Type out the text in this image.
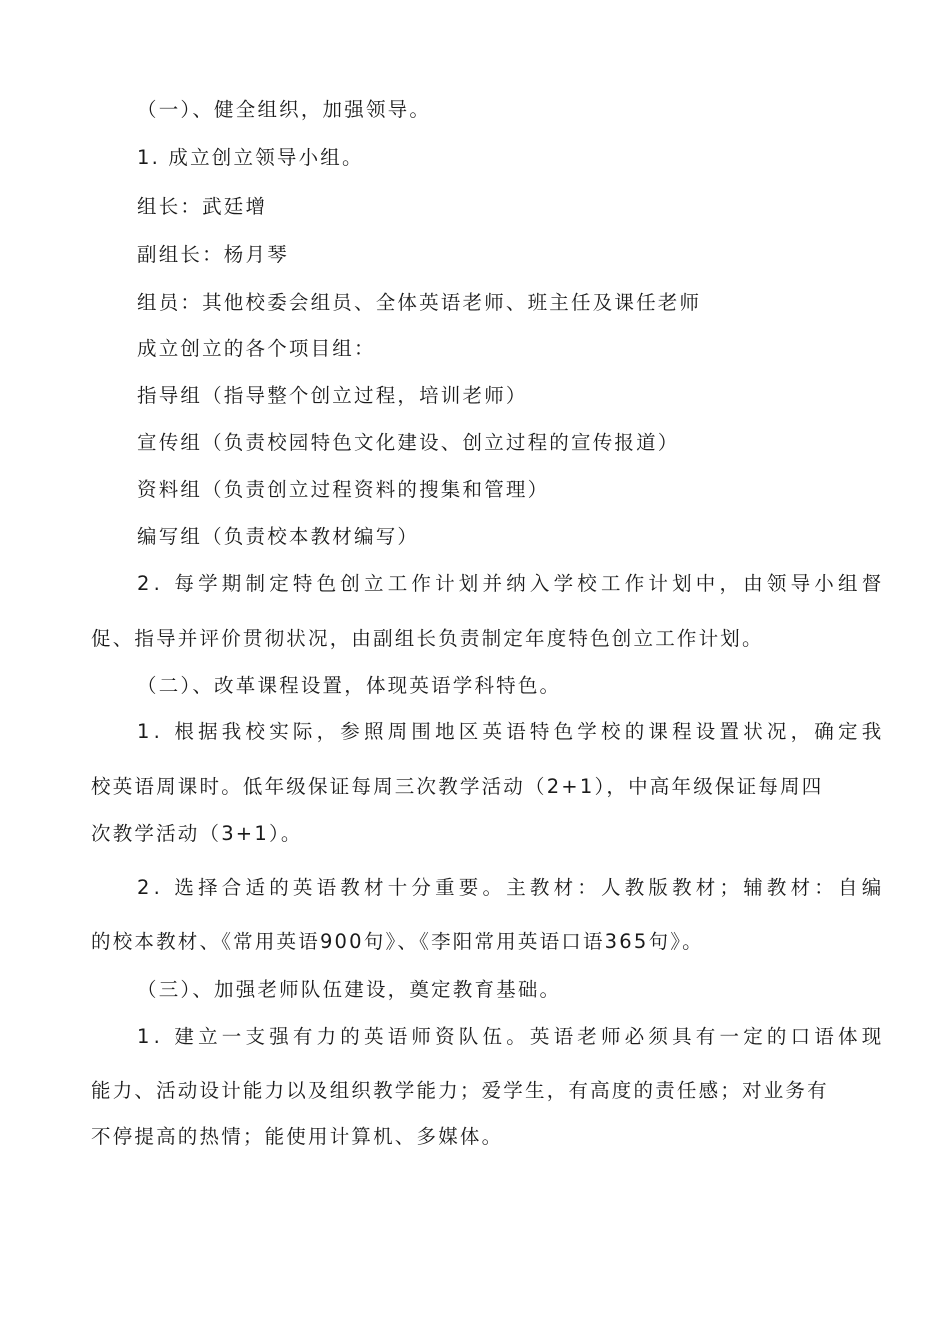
（一）、健全组织，加强领导。
1. 成立创立领导小组。
组长：武廷增
副组长：杨月琴
组员：其他校委会组员、全体英语老师、班主任及课任老师
成立创立的各个项目组：
指导组（指导整个创立过程，培训老师）
宣传组（负责校园特色文化建设、创立过程的宣传报道）
资料组（负责创立过程资料的搜集和管理）
编写组（负责校本教材编写）
2. 每学期制定特色创立工作计划并纳入学校工作计划中，由领导小组督
促、指导并评价贯彻状况，由副组长负责制定年度特色创立工作计划。
（二）、改革课程设置，体现英语学科特色。
1. 根据我校实际，参照周围地区英语特色学校的课程设置状况，确定我
校英语周课时。低年级保证每周三次教学活动（2+1），中高年级保证每周四
次教学活动（3+1）。
2. 选择合适的英语教材十分重要。主教材：人教版教材；辅教材：自编
的校本教材、《常用英语900句》、《李阳常用英语口语365句》。
（三）、加强老师队伍建设，奠定教育基础。
1. 建立一支强有力的英语师资队伍。英语老师必须具有一定的口语体现
能力、活动设计能力以及组织教学能力；爱学生，有高度的责任感；对业务有
不停提高的热情；能使用计算机、多媒体。
